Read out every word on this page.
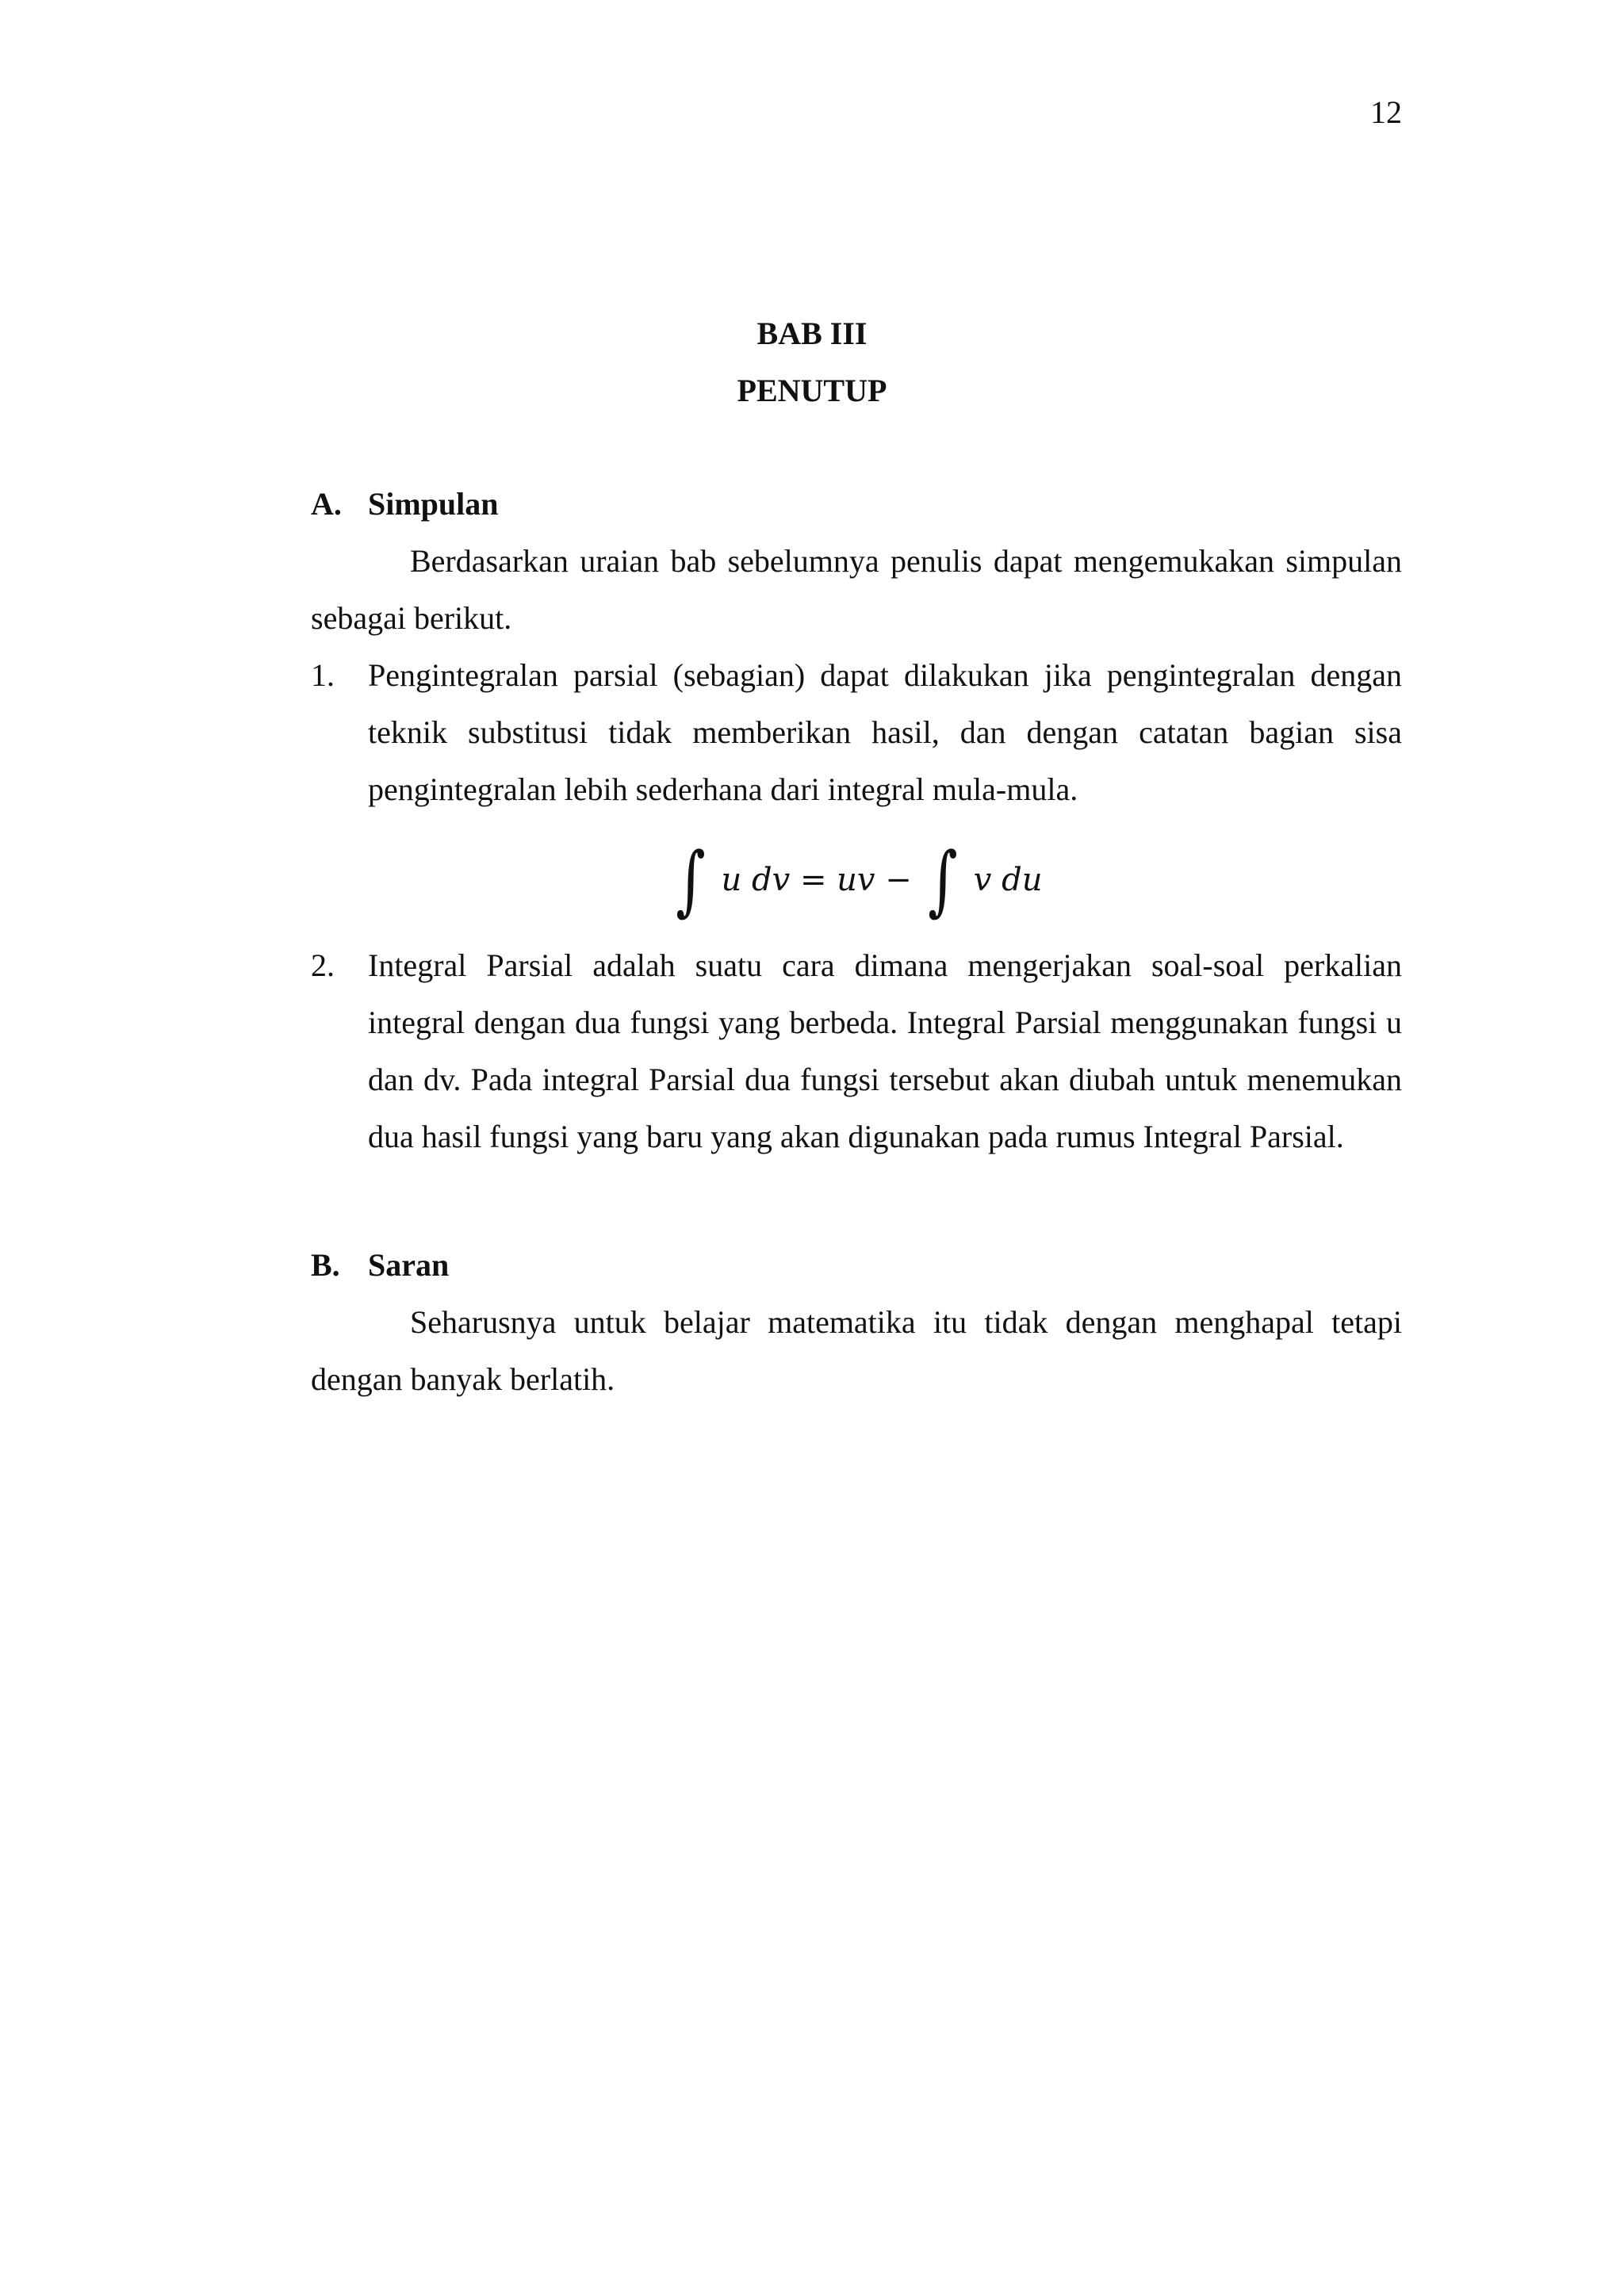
12
BAB III
PENUTUP
A. Simpulan

Berdasarkan uraian bab sebelumnya penulis dapat mengemukakan simpulan sebagai berikut.

1.	Pengintegralan parsial (sebagian) dapat dilakukan jika pengintegralan dengan teknik substitusi tidak memberikan hasil, dan dengan catatan bagian sisa pengintegralan lebih sederhana dari integral mula-mula.
∫ u dv = uv − ∫ v du
2.	Integral Parsial adalah suatu cara dimana mengerjakan soal-soal perkalian integral dengan dua fungsi yang berbeda. Integral Parsial menggunakan fungsi u dan dv. Pada integral Parsial dua fungsi tersebut akan diubah untuk menemukan dua hasil fungsi yang baru yang akan digunakan pada rumus Integral Parsial.
B. Saran

Seharusnya untuk belajar matematika itu tidak dengan menghapal tetapi dengan banyak berlatih.
